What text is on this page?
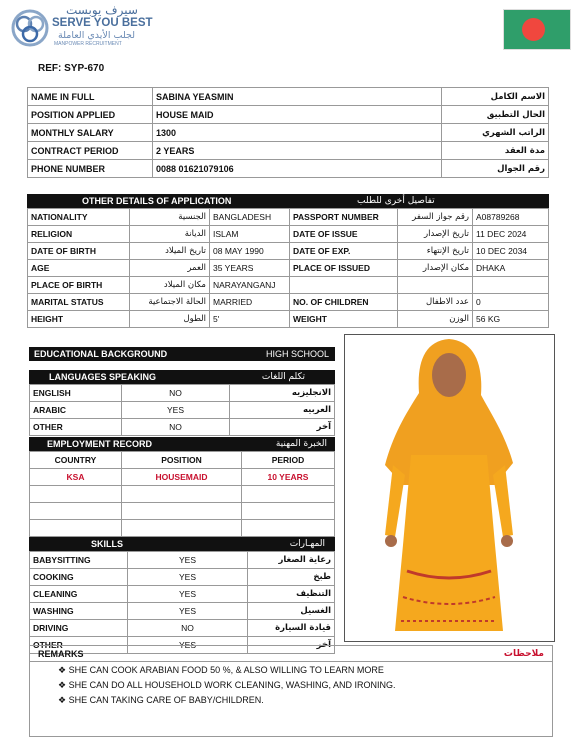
سيرف يوبست
SERVE YOU BEST
لجلب الأيدي العاملة
MANPOWER RECRUITMENT
REF: SYP-670
NAME IN FULL	SABINA YEASMIN	الاسم الكامل
POSITION APPLIED	HOUSE MAID	الحال التطبيق
MONTHLY SALARY	1300	الراتب الشهري
CONTRACT PERIOD	2 YEARS	مدة العقد
PHONE NUMBER	0088 01621079106	رقم الجوال
OTHER DETAILS OF APPLICATION	تفاصيل أخرى للطلب
NATIONALITY	الجنسية	BANGLADESH	PASSPORT NUMBER	رقم جواز السفر	A08789268
RELIGION	الديانة	ISLAM	DATE OF ISSUE	تاريخ الإصدار	11 DEC 2024
DATE OF BIRTH	تاريخ الميلاد	08 MAY 1990	DATE OF EXP.	تاريخ الإنتهاء	10 DEC 2034
AGE	العمر	35 YEARS	PLACE OF ISSUED	مكان الإصدار	DHAKA
PLACE OF BIRTH	مكان الميلاد	NARAYANGANJ			
MARITAL STATUS	الحالة الاجتماعية	MARRIED	NO. OF CHILDREN	عدد الاطفال	0
HEIGHT	الطول	5'	WEIGHT	الوزن	56 KG
EDUCATIONAL BACKGROUND	HIGH SCHOOL
LANGUAGES SPEAKING	تكلم اللغات
ENGLISH	NO	الانجليزيه
ARABIC	YES	العربيه
OTHER	NO	آخر
EMPLOYMENT RECORD	الخبرة المهنية
COUNTRY	POSITION	PERIOD
KSA	HOUSEMAID	10 YEARS

SKILLS	المهـارات
BABYSITTING	YES	رعاية الصغار
COOKING	YES	طبخ
CLEANING	YES	التنظيف
WASHING	YES	الغسيل
DRIVING	NO	قيادة السيارة
OTHER	YES	آخر
REMARKS	ملاحظات
❖ SHE CAN COOK ARABIAN FOOD 50 %, & ALSO WILLING TO LEARN MORE
❖ SHE CAN DO ALL HOUSEHOLD WORK CLEANING, WASHING, AND IRONING.
❖ SHE CAN TAKING CARE OF BABY/CHILDREN.
